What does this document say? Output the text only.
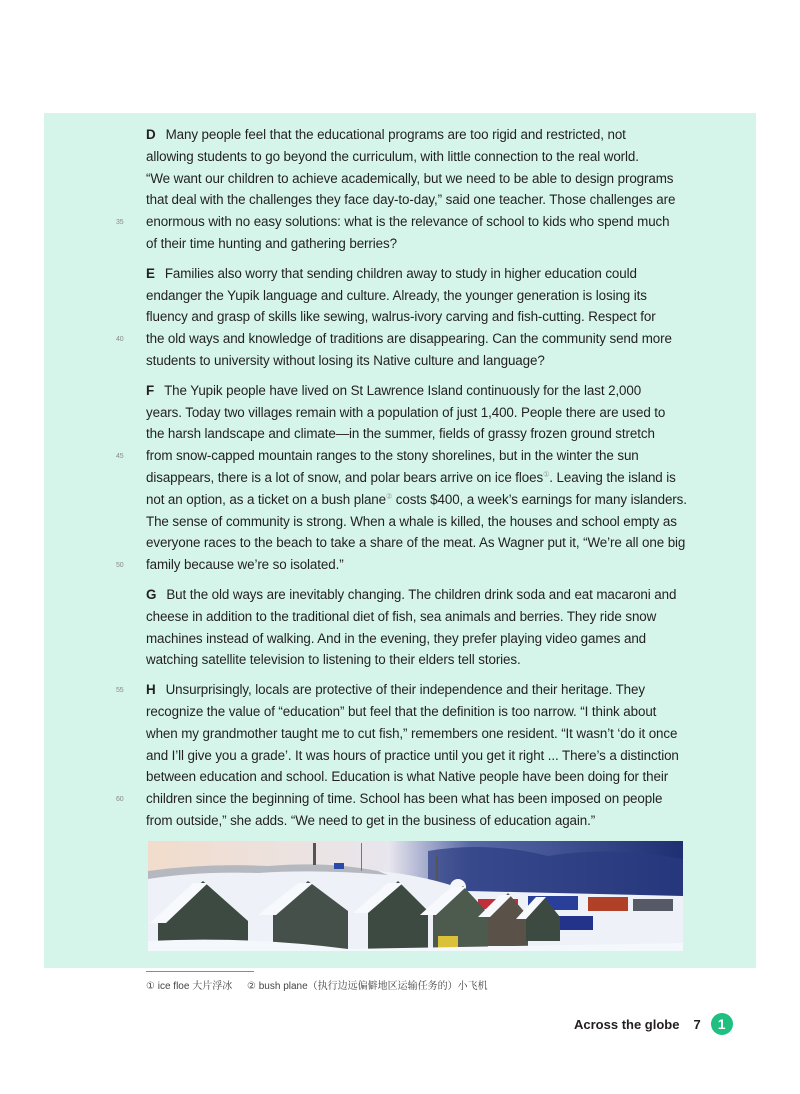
D Many people feel that the educational programs are too rigid and restricted, not
allowing students to go beyond the curriculum, with little connection to the real world.
“We want our children to achieve academically, but we need to be able to design programs
that deal with the challenges they face day-to-day,” said one teacher. Those challenges are
35 enormous with no easy solutions: what is the relevance of school to kids who spend much
of their time hunting and gathering berries?
E Families also worry that sending children away to study in higher education could
endanger the Yupik language and culture. Already, the younger generation is losing its
fluency and grasp of skills like sewing, walrus-ivory carving and fish-cutting. Respect for
40 the old ways and knowledge of traditions are disappearing. Can the community send more
students to university without losing its Native culture and language?
F The Yupik people have lived on St Lawrence Island continuously for the last 2,000
years. Today two villages remain with a population of just 1,400. People there are used to
the harsh landscape and climate—in the summer, fields of grassy frozen ground stretch
45 from snow-capped mountain ranges to the stony shorelines, but in the winter the sun
disappears, there is a lot of snow, and polar bears arrive on ice floes①. Leaving the island is
not an option, as a ticket on a bush plane② costs $400, a week’s earnings for many islanders.
The sense of community is strong. When a whale is killed, the houses and school empty as
everyone races to the beach to take a share of the meat. As Wagner put it, “We’re all one big
50 family because we’re so isolated.”
G But the old ways are inevitably changing. The children drink soda and eat macaroni and
cheese in addition to the traditional diet of fish, sea animals and berries. They ride snow
machines instead of walking. And in the evening, they prefer playing video games and
watching satellite television to listening to their elders tell stories.
55 H Unsurprisingly, locals are protective of their independence and their heritage. They
recognize the value of “education” but feel that the definition is too narrow. “I think about
when my grandmother taught me to cut fish,” remembers one resident. “It wasn’t ‘do it once
and I’ll give you a grade’. It was hours of practice until you get it right ... There’s a distinction
between education and school. Education is what Native people have been doing for their
60 children since the beginning of time. School has been what has been imposed on people
from outside,” she adds. “We need to get in the business of education again.”
① ice floe 大片浮冰 ② bush plane（执行边远偏僻地区运输任务的）小飞机
Across the globe 7	1
